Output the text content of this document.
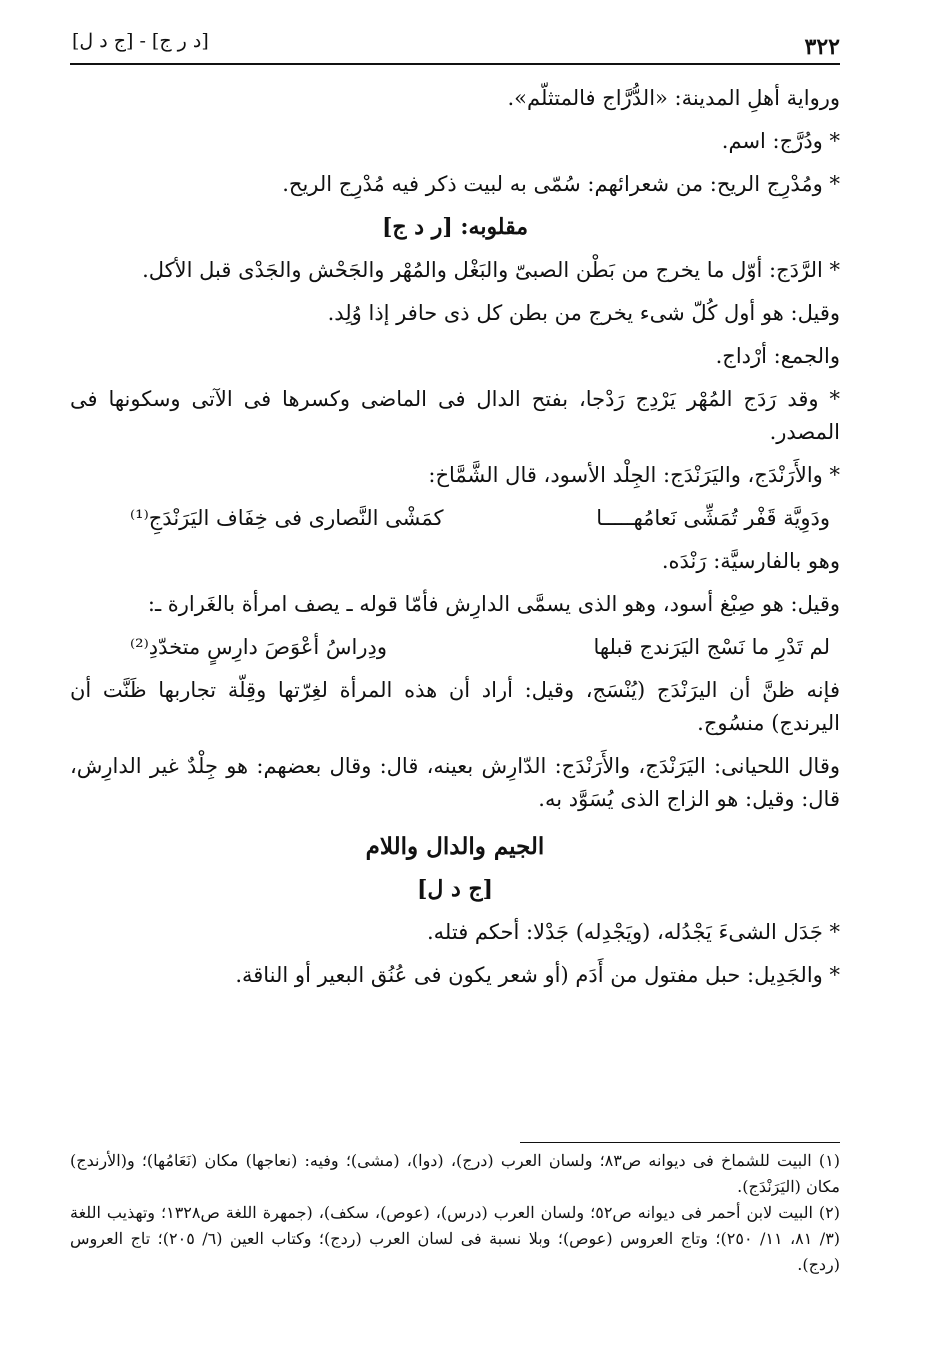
٣٢٢
[د ر ج] - [ج د ل]

ورواية أهلِ المدينة: «الدُّرَّاج فالمتثلّم».

* ودُرَّج: اسم.

* ومُدْرِج الريح: من شعرائهم: سُمّى به لبيت ذكر فيه مُدْرِج الريح.

مقلوبه: [ر د ج]

* الرَّدَج: أوّل ما يخرج من بَطْن الصبىّ والبَغْل والمُهْر والجَحْش والجَدْى قبل الأكل.

وقيل: هو أول كُلّ شىء يخرج من بطن كل ذى حافر إذا وُلِد.

والجمع: أرْداج.

* وقد رَدَج المُهْر يَرْدِج رَدْجا، بفتح الدال فى الماضى وكسرها فى الآتى وسكونها فى المصدر.

* والأَرَنْدَج، واليَرَنْدَج: الجِلْد الأسود، قال الشَّمَّاخ:

ودَوِيَّة قَفْر تُمَشِّى نَعامُهـــــا
كمَشْى النَّصارى فى خِفَاف اليَرَنْدَجِ⁽¹⁾

وهو بالفارسيَّة: رَنْدَه.

وقيل: هو صِبْغ أسود، وهو الذى يسمَّى الدارِش فأمّا قوله ـ يصف امرأة بالغَرارة ـ:

لم تَدْرِ ما نَسْج اليَرَندج قبلها
ودِراسُ أعْوَصَ دارِسٍ متخدّدِ⁽²⁾

فإنه ظنَّ أن اليرَنْدَج (يُنْسَج، وقيل: أراد أن هذه المرأة لغِرّتها وقِلّة تجاربها ظَنَّت أن اليرندج) منسُوج.

وقال اللحيانى: اليَرَنْدَج، والأَرَنْدَج: الدّارِش بعينه، قال: وقال بعضهم: هو جِلْدٌ غير الدارِش، قال: وقيل: هو الزاج الذى يُسَوَّد به.

الجيم والدال واللام

[ج د ل]

* جَدَل الشىءَ يَجْدُله، (ويَجْدِله) جَدْلا: أحكم فتله.

* والجَدِيل: حبل مفتول من أَدَم (أو شعر يكون فى عُنُق البعير أو الناقة.

(١) البيت للشماخ فى ديوانه ص٨٣؛ ولسان العرب (درج)، (دوا)، (مشى)؛ وفيه: (نعاجها) مكان (نَعَامُها)؛ و(الأرندج) مكان (اليَرَنْدَج).

(٢) البيت لابن أحمر فى ديوانه ص٥٢؛ ولسان العرب (درس)، (عوص)، سكف)، (جمهرة اللغة ص١٣٢٨؛ وتهذيب اللغة (٣/ ٨١، ١١/ ٢٥٠)؛ وتاج العروس (عوص)؛ وبلا نسبة فى لسان العرب (ردج)؛ وكتاب العين (٦/ ٢٠٥)؛ تاج العروس (ردج).
